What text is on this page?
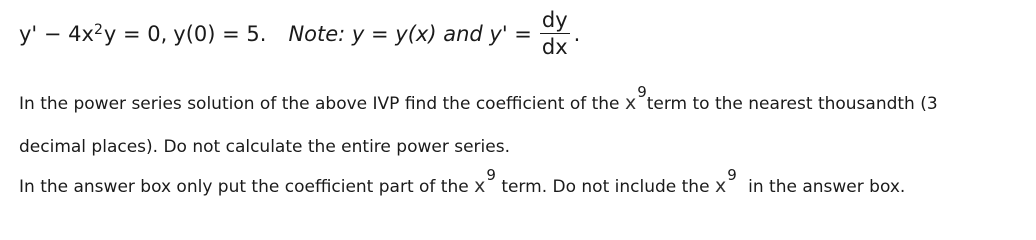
$y' - 4x^2$ y = 0, y(0) = 5. Note: y = y(x) and $y' = \frac{dy}{dx}$ .
In the power series solution of the above IVP find the coefficient of the x9term to the nearest thousandth (3
decimal places). Do not calculate the entire power series.
In the answer box only put the coefficient part of the x9 term. Do not include the x9 in the answer box.
